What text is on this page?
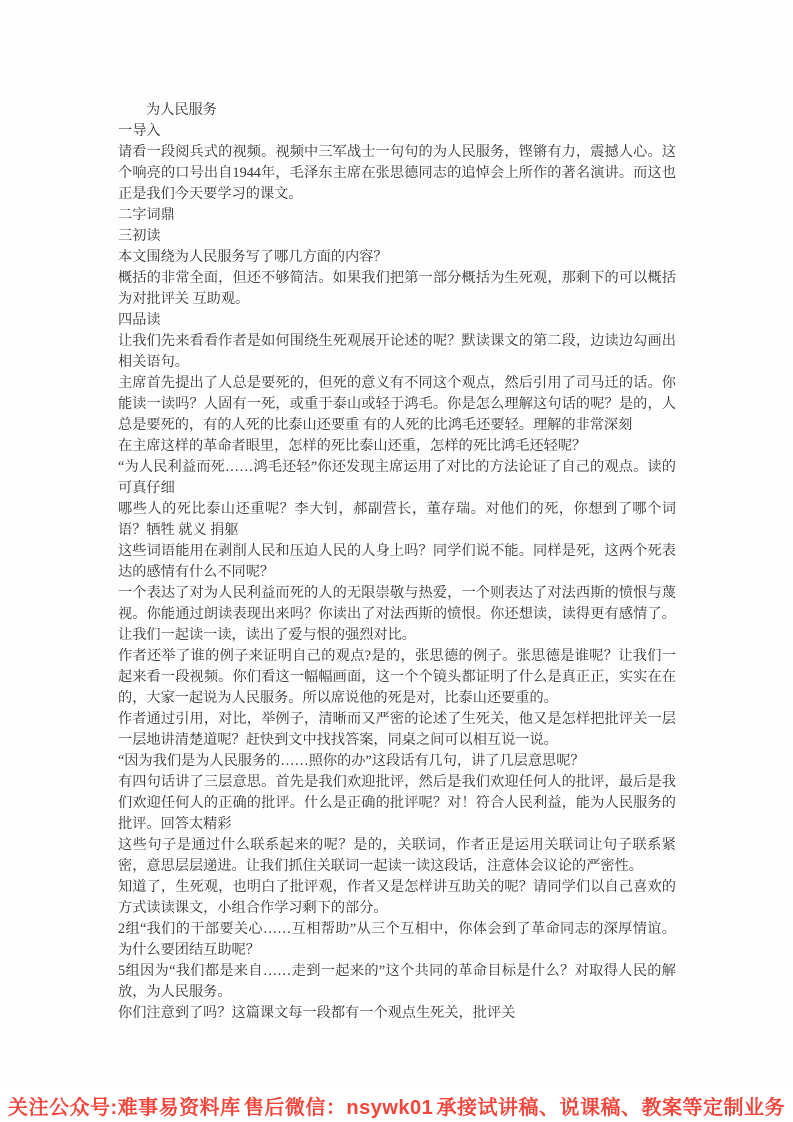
为人民服务

一导入

请看一段阅兵式的视频。视频中三军战士一句句的为人民服务，铿锵有力，震撼人心。这个响亮的口号出自1944年，毛泽东主席在张思德同志的追悼会上所作的著名演讲。而这也正是我们今天要学习的课文。

二字词鼎

三初读

本文围绕为人民服务写了哪几方面的内容？

概括的非常全面，但还不够简洁。如果我们把第一部分概括为生死观，那剩下的可以概括为对批评关 互助观。

四品读

让我们先来看看作者是如何围绕生死观展开论述的呢？默读课文的第二段，边读边勾画出相关语句。

主席首先提出了人总是要死的，但死的意义有不同这个观点，然后引用了司马迁的话。你能读一读吗？人固有一死，或重于泰山或轻于鸿毛。你是怎么理解这句话的呢？是的，人总是要死的，有的人死的比泰山还要重 有的人死的比鸿毛还要轻。理解的非常深刻

在主席这样的革命者眼里，怎样的死比泰山还重，怎样的死比鸿毛还轻呢？

“为人民利益而死……鸿毛还轻”你还发现主席运用了对比的方法论证了自己的观点。读的可真仔细

哪些人的死比泰山还重呢？李大钊，郝副营长，董存瑞。对他们的死，你想到了哪个词语？牺牲 就义 捐躯

这些词语能用在剥削人民和压迫人民的人身上吗？同学们说不能。同样是死，这两个死表达的感情有什么不同呢？

一个表达了对为人民利益而死的人的无限崇敬与热爱，一个则表达了对法西斯的愤恨与蔑视。你能通过朗读表现出来吗？你读出了对法西斯的愤恨。你还想读，读得更有感情了。让我们一起读一读，读出了爱与恨的强烈对比。

作者还举了谁的例子来证明自己的观点?是的，张思德的例子。张思德是谁呢？让我们一起来看一段视频。你们看这一幅幅画面，这一个个镜头都证明了什么是真正正，实实在在的，大家一起说为人民服务。所以席说他的死是对，比泰山还要重的。

作者通过引用，对比，举例子，清晰而又严密的论述了生死关，他又是怎样把批评关一层一层地讲清楚道呢？赶快到文中找找答案，同桌之间可以相互说一说。

“因为我们是为人民服务的……照你的办”这段话有几句，讲了几层意思呢？

有四句话讲了三层意思。首先是我们欢迎批评，然后是我们欢迎任何人的批评，最后是我们欢迎任何人的正确的批评。什么是正确的批评呢？对！符合人民利益，能为人民服务的批评。回答太精彩

这些句子是通过什么联系起来的呢？是的，关联词，作者正是运用关联词让句子联系紧密，意思层层递进。让我们抓住关联词一起读一读这段话，注意体会议论的严密性。

知道了，生死观，也明白了批评观，作者又是怎样讲互助关的呢？请同学们以自己喜欢的方式读读课文，小组合作学习剩下的部分。

2组“我们的干部要关心……互相帮助”从三个互相中，你体会到了革命同志的深厚情谊。为什么要团结互助呢？

5组因为“我们都是来自……走到一起来的”这个共同的革命目标是什么？对取得人民的解放，为人民服务。

你们注意到了吗？这篇课文每一段都有一个观点生死关，批评关

关注公众号:难事易资料库 售后微信：nsywk01 承接试讲稿、说课稿、教案等定制业务
